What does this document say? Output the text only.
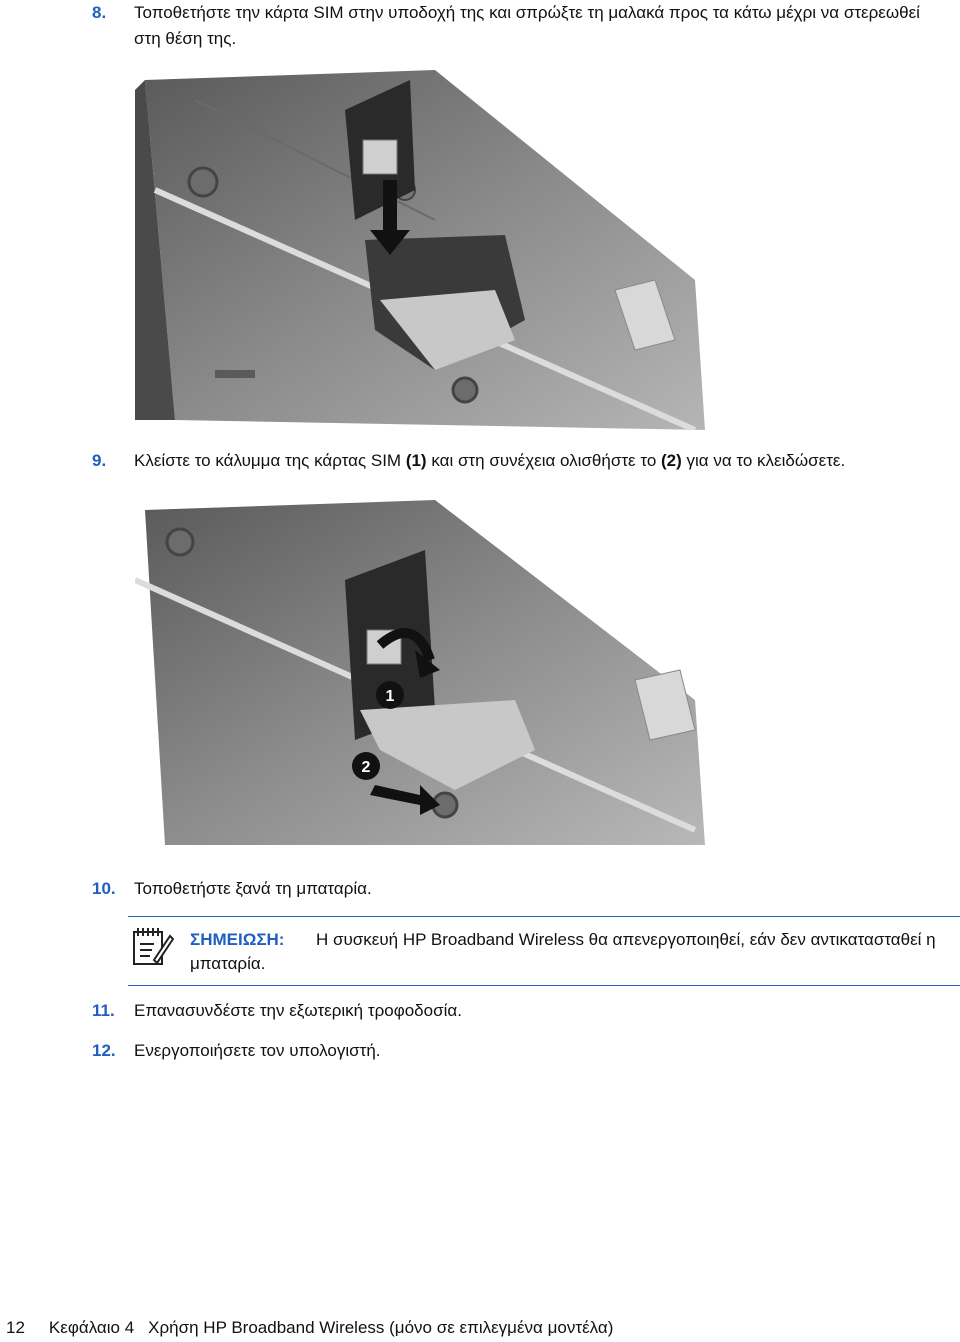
8. Τοποθετήστε την κάρτα SIM στην υποδοχή της και σπρώξτε τη μαλακά προς τα κάτω μέχρι να στερεωθεί στη θέση της.
9. Κλείστε το κάλυμμα της κάρτας SIM (1) και στη συνέχεια ολισθήστε το (2) για να το κλειδώσετε.
1
2
10. Τοποθετήστε ξανά τη μπαταρία.
ΣΗΜΕΙΩΣΗ: Η συσκευή HP Broadband Wireless θα απενεργοποιηθεί, εάν δεν αντικατασταθεί η μπαταρία.
11. Επανασυνδέστε την εξωτερική τροφοδοσία.
12. Ενεργοποιήσετε τον υπολογιστή.
12 Κεφάλαιο 4 Χρήση HP Broadband Wireless (μόνο σε επιλεγμένα μοντέλα)
